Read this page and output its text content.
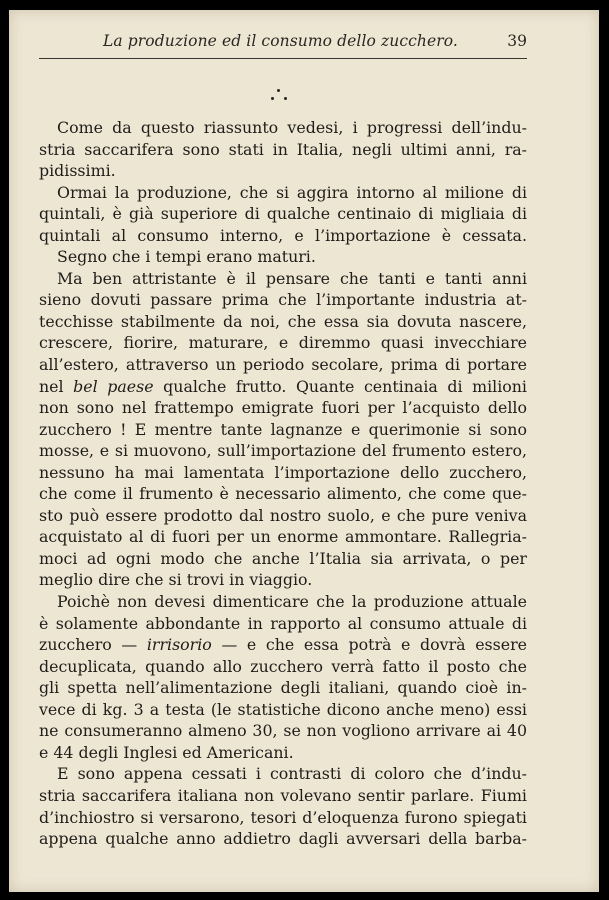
La produzione ed il consumo dello zucchero.	39
Come da questo riassunto vedesi, i progressi dell’indu-
stria saccarifera sono stati in Italia, negli ultimi anni, ra-
pidissimi.
Ormai la produzione, che si aggira intorno al milione di
quintali, è già superiore di qualche centinaio di migliaia di
quintali al consumo interno, e l’importazione è cessata.
Segno che i tempi erano maturi.
Ma ben attristante è il pensare che tanti e tanti anni
sieno dovuti passare prima che l’importante industria at-
tecchisse stabilmente da noi, che essa sia dovuta nascere,
crescere, fiorire, maturare, e diremmo quasi invecchiare
all’estero, attraverso un periodo secolare, prima di portare
nel bel paese qualche frutto. Quante centinaia di milioni
non sono nel frattempo emigrate fuori per l’acquisto dello
zucchero ! E mentre tante lagnanze e querimonie si sono
mosse, e si muovono, sull’importazione del frumento estero,
nessuno ha mai lamentata l’importazione dello zucchero,
che come il frumento è necessario alimento, che come que-
sto può essere prodotto dal nostro suolo, e che pure veniva
acquistato al di fuori per un enorme ammontare. Rallegria-
moci ad ogni modo che anche l’Italia sia arrivata, o per
meglio dire che si trovi in viaggio.
Poichè non devesi dimenticare che la produzione attuale
è solamente abbondante in rapporto al consumo attuale di
zucchero — irrisorio — e che essa potrà e dovrà essere
decuplicata, quando allo zucchero verrà fatto il posto che
gli spetta nell’alimentazione degli italiani, quando cioè in-
vece di kg. 3 a testa (le statistiche dicono anche meno) essi
ne consumeranno almeno 30, se non vogliono arrivare ai 40
e 44 degli Inglesi ed Americani.
E sono appena cessati i contrasti di coloro che d’indu-
stria saccarifera italiana non volevano sentir parlare. Fiumi
d’inchiostro si versarono, tesori d’eloquenza furono spiegati
appena qualche anno addietro dagli avversari della barba-
